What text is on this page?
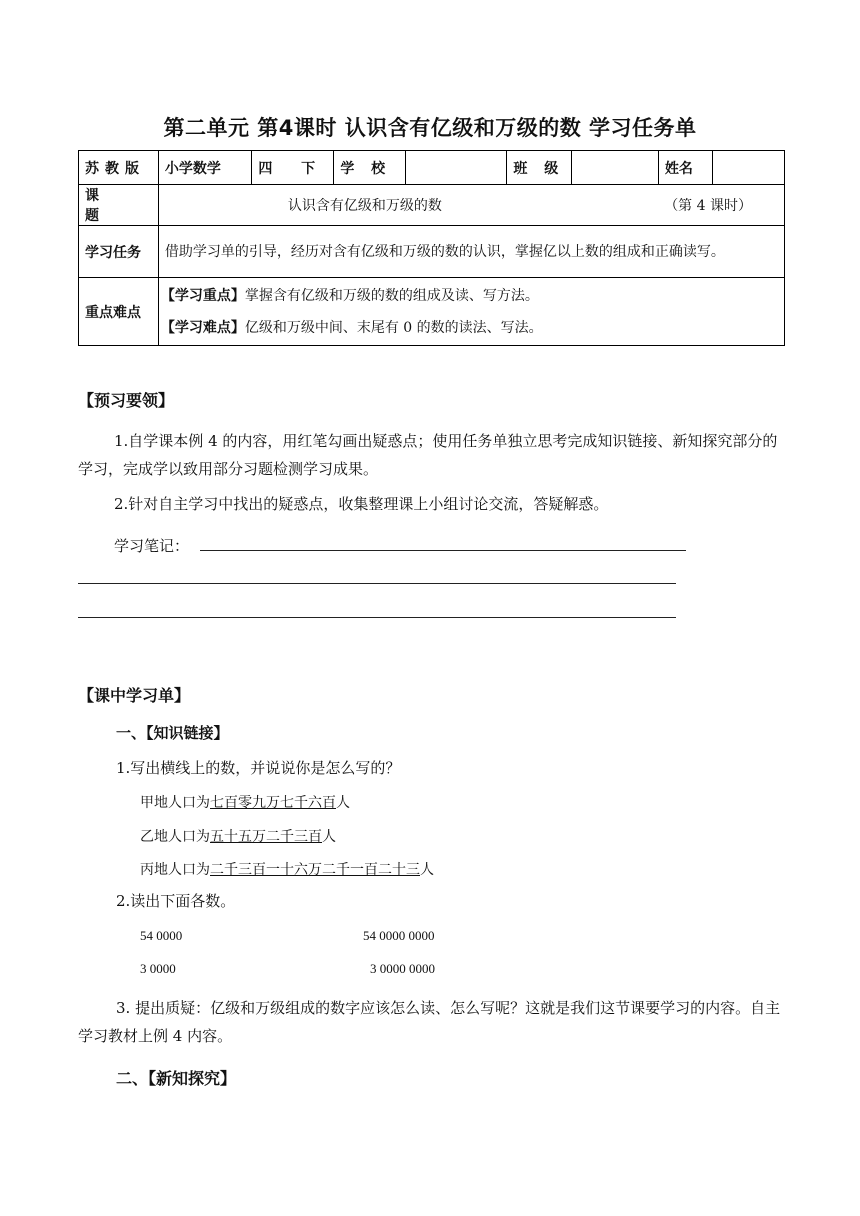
第二单元 第4课时 认识含有亿级和万级的数 学习任务单
苏教版	小学数学	四 下	学 校		班 级		姓名	
课 题	认识含有亿级和万级的数 （第 4 课时）							

学习任务	借助学习单的引导，经历对含有亿级和万级的数的认识，掌握亿以上数的组成和正确读写。							
重点难点	【学习重点】掌握含有亿级和万级的数的组成及读、写方法。
【学习难点】亿级和万级中间、末尾有 0 的数的读法、写法。							
【预习要领】
1.自学课本例 4 的内容，用红笔勾画出疑惑点；使用任务单独立思考完成知识链接、新知探究部分的学习，完成学以致用部分习题检测学习成果。
2.针对自主学习中找出的疑惑点，收集整理课上小组讨论交流，答疑解惑。
学习笔记：
【课中学习单】
一、【知识链接】
1.写出横线上的数，并说说你是怎么写的？
甲地人口为七百零九万七千六百人
乙地人口为五十五万二千三百人
丙地人口为二千三百一十六万二千一百二十三人
2.读出下面各数。
54 0000	54 0000 0000
3 0000	3 0000 0000
3. 提出质疑：亿级和万级组成的数字应该怎么读、怎么写呢？这就是我们这节课要学习的内容。自主学习教材上例 4 内容。
二、【新知探究】
